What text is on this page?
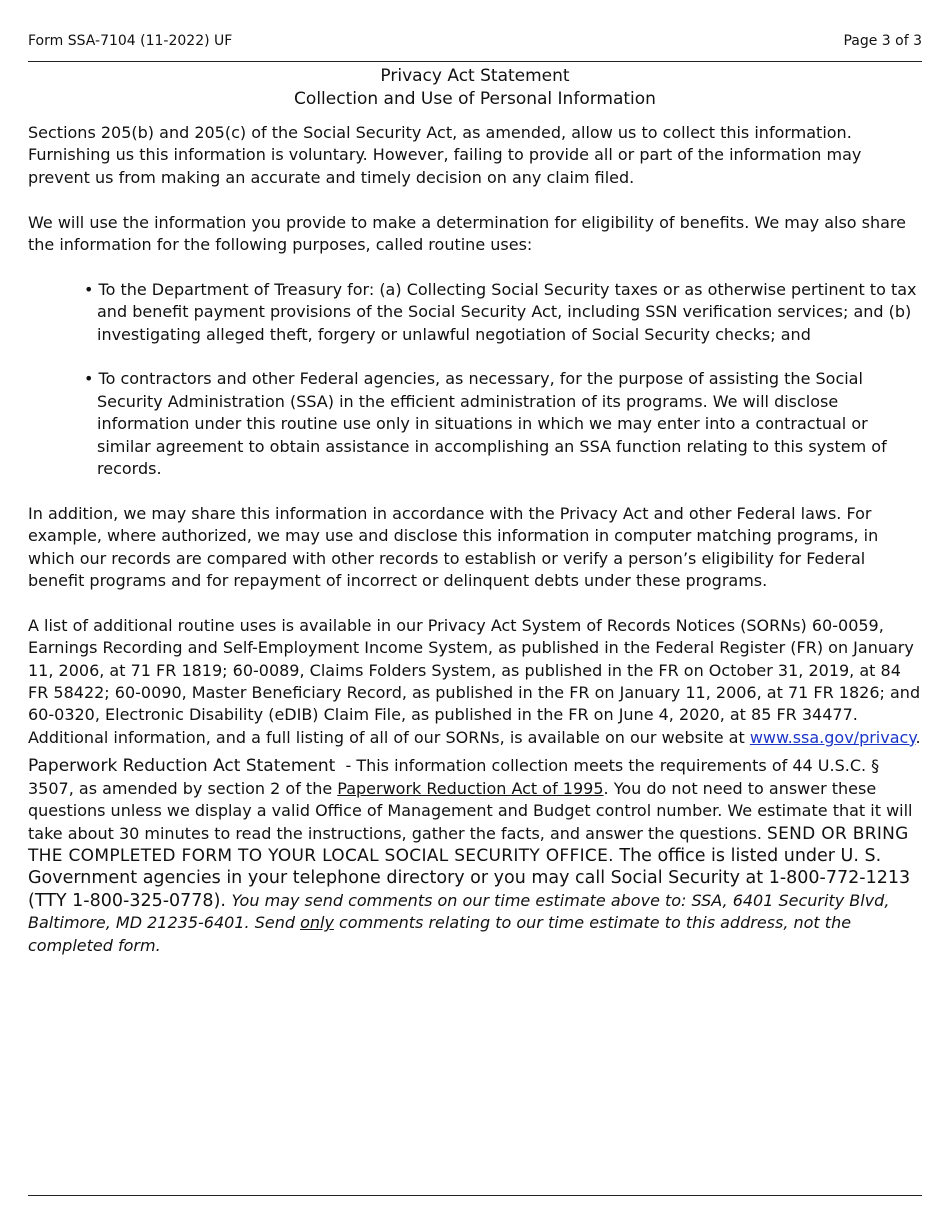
Form SSA-7104 (11-2022) UF	Page 3 of 3
Privacy Act Statement
Collection and Use of Personal Information

Sections 205(b) and 205(c) of the Social Security Act, as amended, allow us to collect this information. Furnishing us this information is voluntary. However, failing to provide all or part of the information may prevent us from making an accurate and timely decision on any claim filed.

We will use the information you provide to make a determination for eligibility of benefits. We may also share the information for the following purposes, called routine uses:

• To the Department of Treasury for: (a) Collecting Social Security taxes or as otherwise pertinent to tax and benefit payment provisions of the Social Security Act, including SSN verification services; and (b) investigating alleged theft, forgery or unlawful negotiation of Social Security checks; and

• To contractors and other Federal agencies, as necessary, for the purpose of assisting the Social Security Administration (SSA) in the efficient administration of its programs. We will disclose information under this routine use only in situations in which we may enter into a contractual or similar agreement to obtain assistance in accomplishing an SSA function relating to this system of records.

In addition, we may share this information in accordance with the Privacy Act and other Federal laws. For example, where authorized, we may use and disclose this information in computer matching programs, in which our records are compared with other records to establish or verify a person’s eligibility for Federal benefit programs and for repayment of incorrect or delinquent debts under these programs.

A list of additional routine uses is available in our Privacy Act System of Records Notices (SORNs) 60-0059, Earnings Recording and Self-Employment Income System, as published in the Federal Register (FR) on January 11, 2006, at 71 FR 1819; 60-0089, Claims Folders System, as published in the FR on October 31, 2019, at 84 FR 58422; 60-0090, Master Beneficiary Record, as published in the FR on January 11, 2006, at 71 FR 1826; and 60-0320, Electronic Disability (eDIB) Claim File, as published in the FR on June 4, 2020, at 85 FR 34477. Additional information, and a full listing of all of our SORNs, is available on our website at www.ssa.gov/privacy.

Paperwork Reduction Act Statement - This information collection meets the requirements of 44 U.S.C. § 3507, as amended by section 2 of the Paperwork Reduction Act of 1995. You do not need to answer these questions unless we display a valid Office of Management and Budget control number. We estimate that it will take about 30 minutes to read the instructions, gather the facts, and answer the questions. SEND OR BRING THE COMPLETED FORM TO YOUR LOCAL SOCIAL SECURITY OFFICE. The office is listed under U. S. Government agencies in your telephone directory or you may call Social Security at 1-800-772-1213 (TTY 1-800-325-0778). You may send comments on our time estimate above to: SSA, 6401 Security Blvd, Baltimore, MD 21235-6401. Send only comments relating to our time estimate to this address, not the completed form.
